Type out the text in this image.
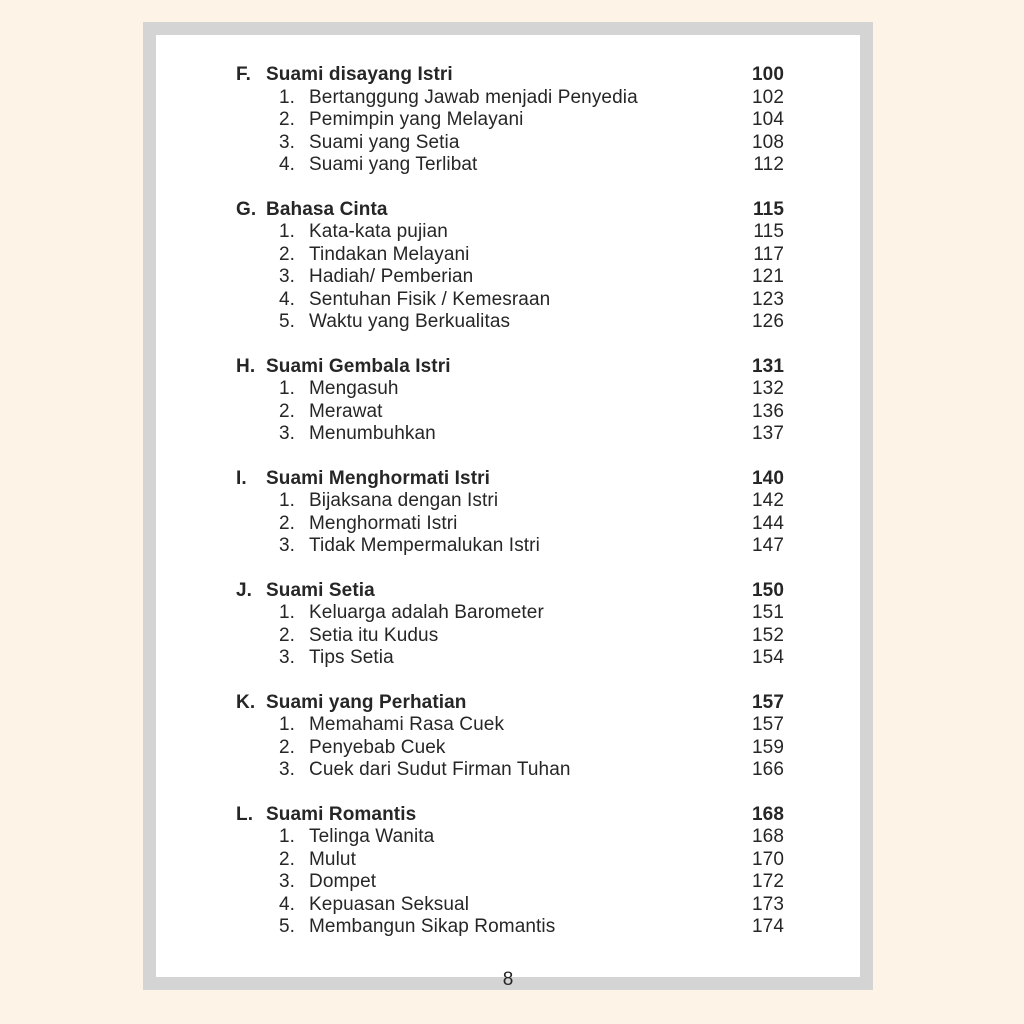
F. Suami disayang Istri	100
1. Bertanggung Jawab menjadi Penyedia	102
2. Pemimpin yang Melayani	104
3. Suami yang Setia	108
4. Suami yang Terlibat	112
G. Bahasa Cinta	115
1. Kata-kata pujian	115
2. Tindakan Melayani	117
3. Hadiah/ Pemberian	121
4. Sentuhan Fisik / Kemesraan	123
5. Waktu yang Berkualitas	126
H. Suami Gembala Istri	131
1. Mengasuh	132
2. Merawat	136
3. Menumbuhkan	137
I.	Suami Menghormati Istri	140
1. Bijaksana dengan Istri	142
2. Menghormati Istri	144
3. Tidak Mempermalukan Istri	147
J. Suami Setia	150
1. Keluarga adalah Barometer	151
2. Setia itu Kudus	152
3. Tips Setia	154
K. Suami yang Perhatian	157
1. Memahami Rasa Cuek	157
2. Penyebab Cuek	159
3. Cuek dari Sudut Firman Tuhan	166
L. Suami Romantis	168
1. Telinga Wanita	168
2. Mulut	170
3. Dompet	172
4. Kepuasan Seksual	173
5. Membangun Sikap Romantis	174
8
